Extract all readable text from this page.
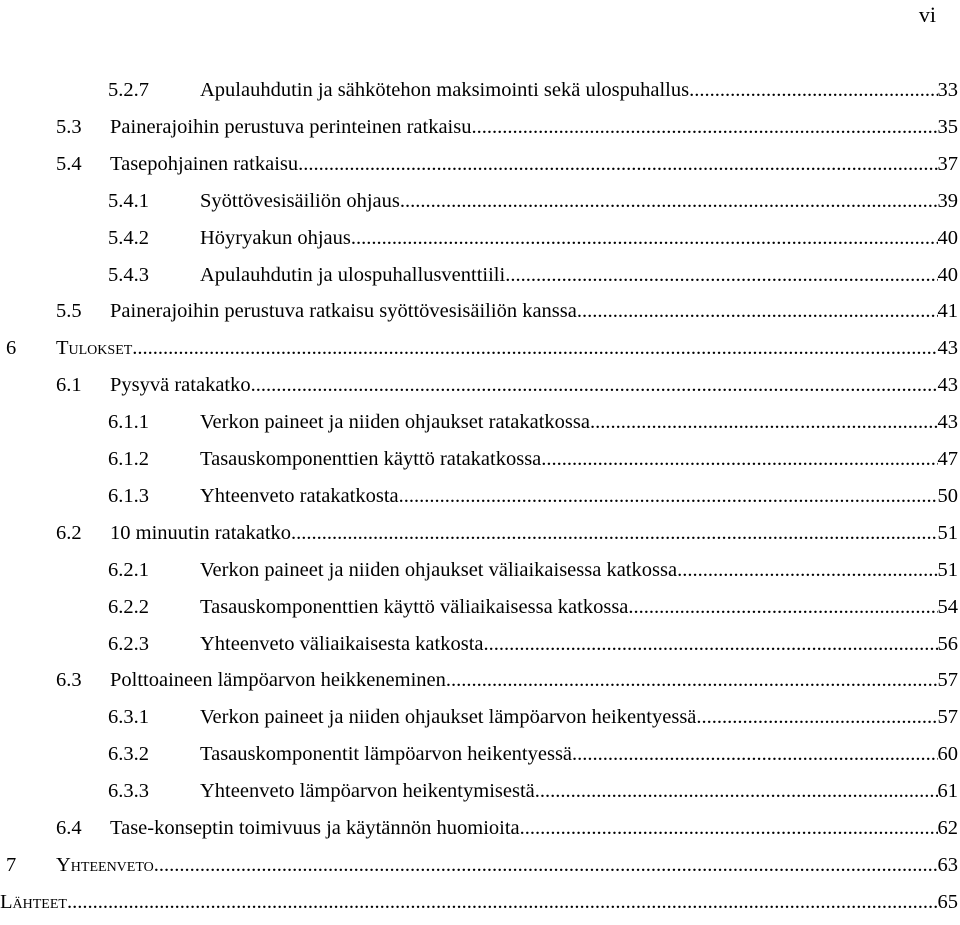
vi
5.2.7 Apulauhdutin ja sähkötehon maksimointi sekä ulospuhallus .....	33
5.3 Painerajoihin perustuva perinteinen ratkaisu .....	35
5.4 Tasepohjainen ratkaisu .....	37
5.4.1 Syöttövesisäiliön ohjaus .....	39
5.4.2 Höyryakun ohjaus .....	40
5.4.3 Apulauhdutin ja ulospuhallusventtiili .....	40
5.5 Painerajoihin perustuva ratkaisu syöttövesisäiliön kanssa .....	41
6 Tulokset .....	43
6.1 Pysyvä ratakatko .....	43
6.1.1 Verkon paineet ja niiden ohjaukset ratakatkossa .....	43
6.1.2 Tasauskomponenttien käyttö ratakatkossa .....	47
6.1.3 Yhteenveto ratakatkosta .....	50
6.2 10 minuutin ratakatko .....	51
6.2.1 Verkon paineet ja niiden ohjaukset väliaikaisessa katkossa .....	51
6.2.2 Tasauskomponenttien käyttö väliaikaisessa katkossa .....	54
6.2.3 Yhteenveto väliaikaisesta katkosta .....	56
6.3 Polttoaineen lämpöarvon heikkeneminen .....	57
6.3.1 Verkon paineet ja niiden ohjaukset lämpöarvon heikentyessä .....	57
6.3.2 Tasauskomponentit lämpöarvon heikentyessä .....	60
6.3.3 Yhteenveto lämpöarvon heikentymisestä .....	61
6.4 Tase-konseptin toimivuus ja käytännön huomioita .....	62
7 Yhteenveto .....	63
Lähteet .....	65
